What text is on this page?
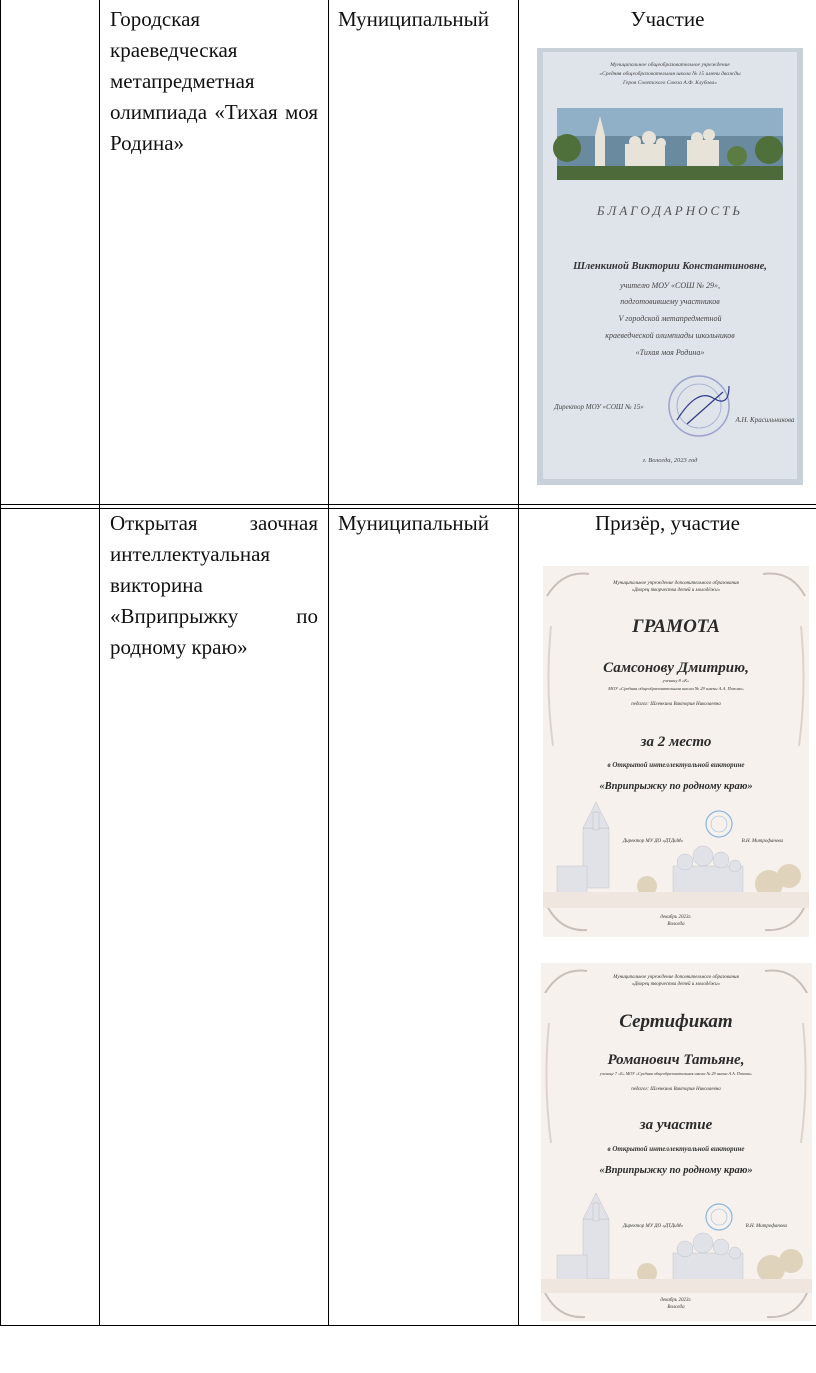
Городская краеведческая метапредметная олимпиада «Тихая моя Родина»
Муниципальный	Участие
Муниципальное общеобразовательное учреждение
«Средняя общеобразовательная школа № 15 имени дважды
Героя Советского Союза А.Ф. Клубова»
БЛАГОДАРНОСТЬ
Шленкиной Виктории Константиновне,
учителю МОУ «СОШ № 29»,
подготовившему участников
V городской метапредметной
краеведческой олимпиады школьников
«Тихая моя Родина»
Директор МОУ «СОШ № 15»
А.Н. Красильникова
г. Вологда, 2023 год
Открытая заочная интеллектуальная викторина «Вприпрыжку по родному краю»
Муниципальный	Призёр, участие
Муниципальное учреждение дополнительного образования
«Дворец творчества детей и молодёжи»
ГРАМОТА
Самсонову Дмитрию,
ученику 8 «К»
МОУ «Средняя общеобразовательная школа № 29 имени А.А. Попова»
педагог: Шленкина Виктория Николаевна
за 2 место
в Открытой интеллектуальной викторине
«Вприпрыжку по родному краю»
Директор МУ ДО «ДТДиМ»	В.Н. Митрофанова
декабрь 2023г.
Вологда
Муниципальное учреждение дополнительного образования
«Дворец творчества детей и молодёжи»
Сертификат
Романович Татьяне,
ученице 7 «Б» МОУ «Средняя общеобразовательная школа № 29 имени А.А. Попова»
педагог: Шленкина Виктория Николаевна
за участие
в Открытой интеллектуальной викторине
«Вприпрыжку по родному краю»
Директор МУ ДО «ДТДиМ»	В.Н. Митрофанова
декабрь 2023г.
Вологда
